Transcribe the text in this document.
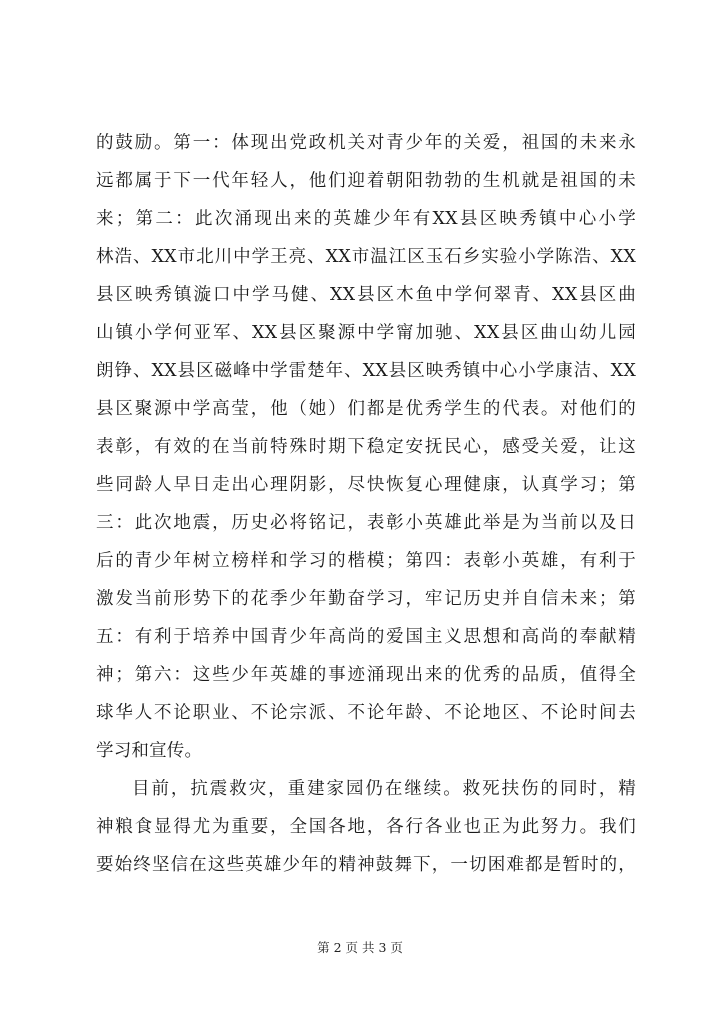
的鼓励。第一：体现出党政机关对青少年的关爱，祖国的未来永
远都属于下一代年轻人，他们迎着朝阳勃勃的生机就是祖国的未
来；第二：此次涌现出来的英雄少年有XX县区映秀镇中心小学
林浩、XX市北川中学王亮、XX市温江区玉石乡实验小学陈浩、XX
县区映秀镇漩口中学马健、XX县区木鱼中学何翠青、XX县区曲
山镇小学何亚军、XX县区聚源中学甯加驰、XX县区曲山幼儿园
朗铮、XX县区磁峰中学雷楚年、XX县区映秀镇中心小学康洁、XX
县区聚源中学高莹，他（她）们都是优秀学生的代表。对他们的
表彰，有效的在当前特殊时期下稳定安抚民心，感受关爱，让这
些同龄人早日走出心理阴影，尽快恢复心理健康，认真学习；第
三：此次地震，历史必将铭记，表彰小英雄此举是为当前以及日
后的青少年树立榜样和学习的楷模；第四：表彰小英雄，有利于
激发当前形势下的花季少年勤奋学习，牢记历史并自信未来；第
五：有利于培养中国青少年高尚的爱国主义思想和高尚的奉献精
神；第六：这些少年英雄的事迹涌现出来的优秀的品质，值得全
球华人不论职业、不论宗派、不论年龄、不论地区、不论时间去
学习和宣传。
目前，抗震救灾，重建家园仍在继续。救死扶伤的同时，精
神粮食显得尤为重要，全国各地，各行各业也正为此努力。我们
要始终坚信在这些英雄少年的精神鼓舞下，一切困难都是暂时的，
第 2 页 共 3 页
